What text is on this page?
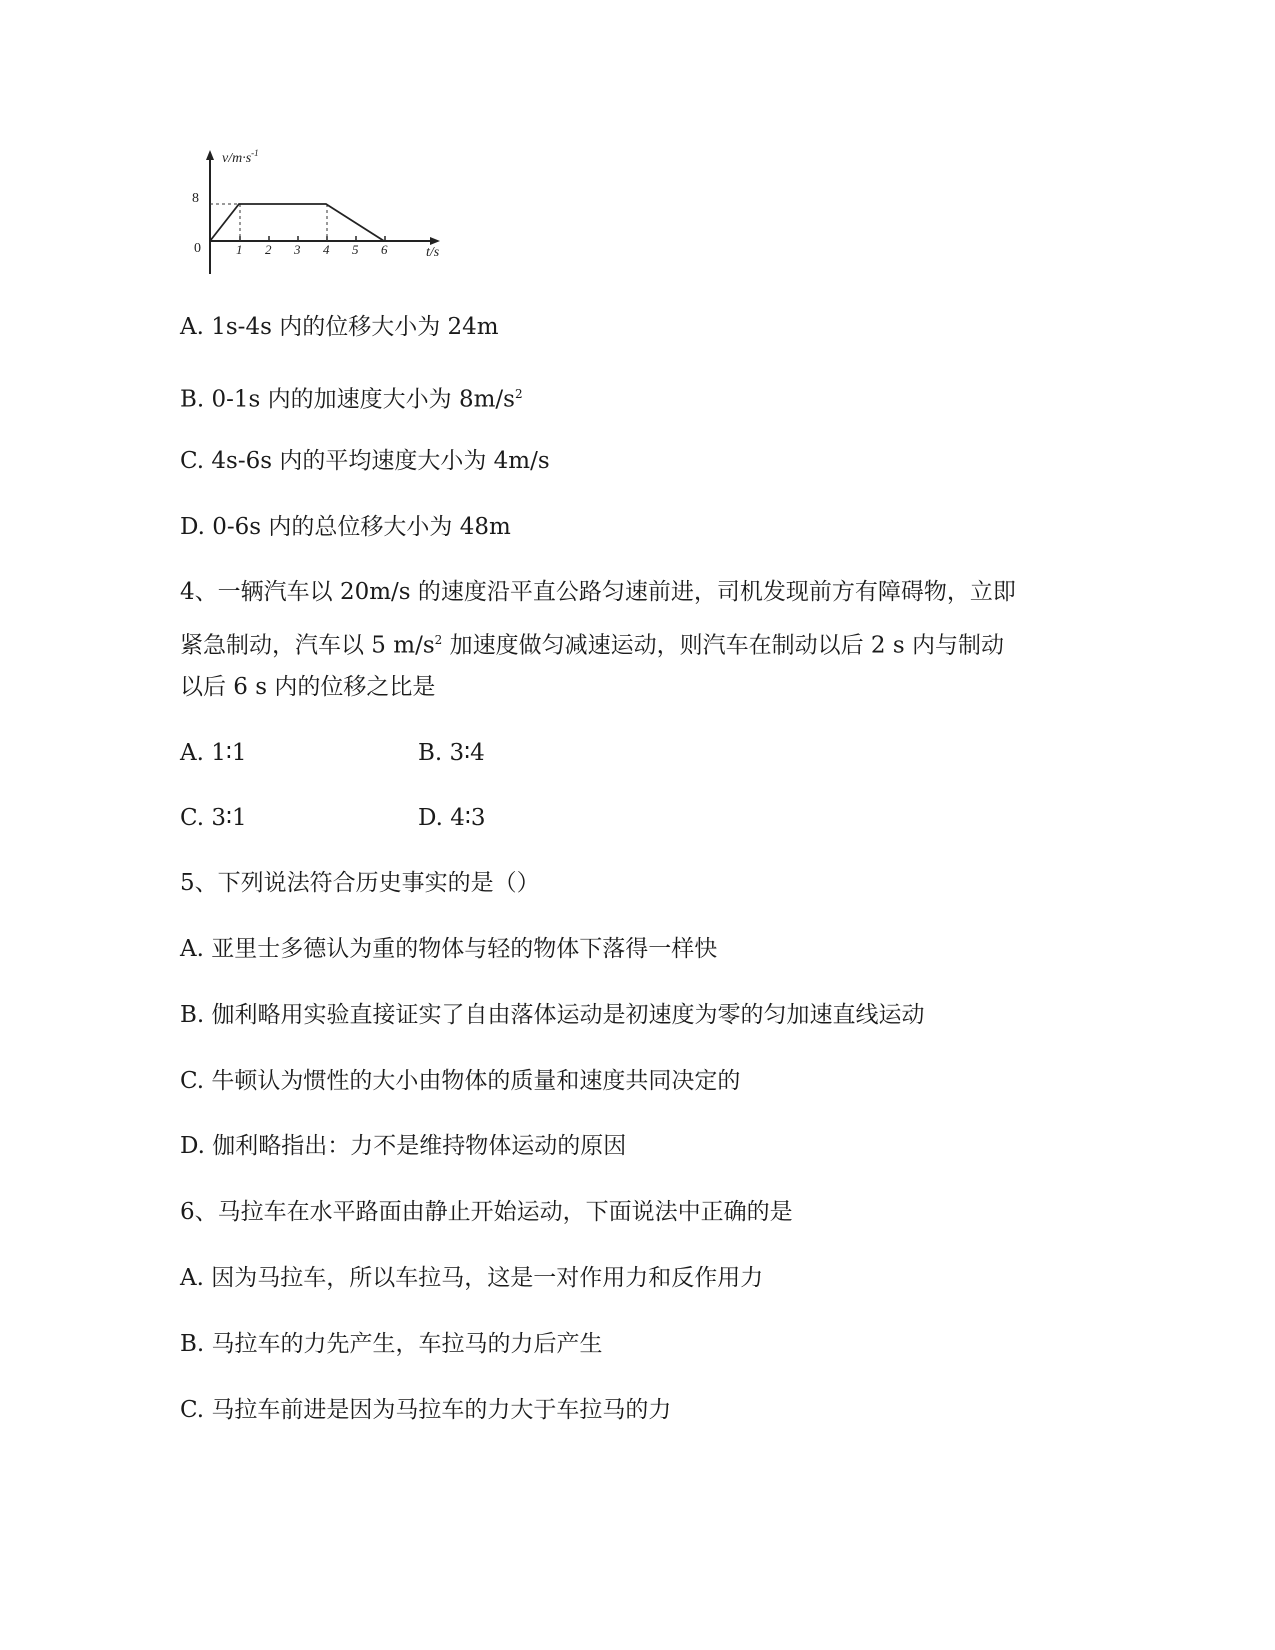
$v/m\cdot s^{-1}$
t/s
8
0	1 2 3 4 5 6
A. 1s-4s 内的位移大小为 24m
B. 0-1s 内的加速度大小为 $8m/s^2$
C. 4s-6s 内的平均速度大小为 4m/s
D. 0-6s 内的总位移大小为 48m
4、一辆汽车以 20m/s 的速度沿平直公路匀速前进，司机发现前方有障碍物，立即
紧急制动，汽车以 5 $m/s^2$ 加速度做匀减速运动，则汽车在制动以后 2 s 内与制动
以后 6 s 内的位移之比是
A. 1∶1	B. 3∶4
C. 3∶1	D. 4∶3
5、下列说法符合历史事实的是（）
A. 亚里士多德认为重的物体与轻的物体下落得一样快
B. 伽利略用实验直接证实了自由落体运动是初速度为零的匀加速直线运动
C. 牛顿认为惯性的大小由物体的质量和速度共同决定的
D. 伽利略指出：力不是维持物体运动的原因
6、马拉车在水平路面由静止开始运动，下面说法中正确的是
A. 因为马拉车，所以车拉马，这是一对作用力和反作用力
B. 马拉车的力先产生，车拉马的力后产生
C. 马拉车前进是因为马拉车的力大于车拉马的力
